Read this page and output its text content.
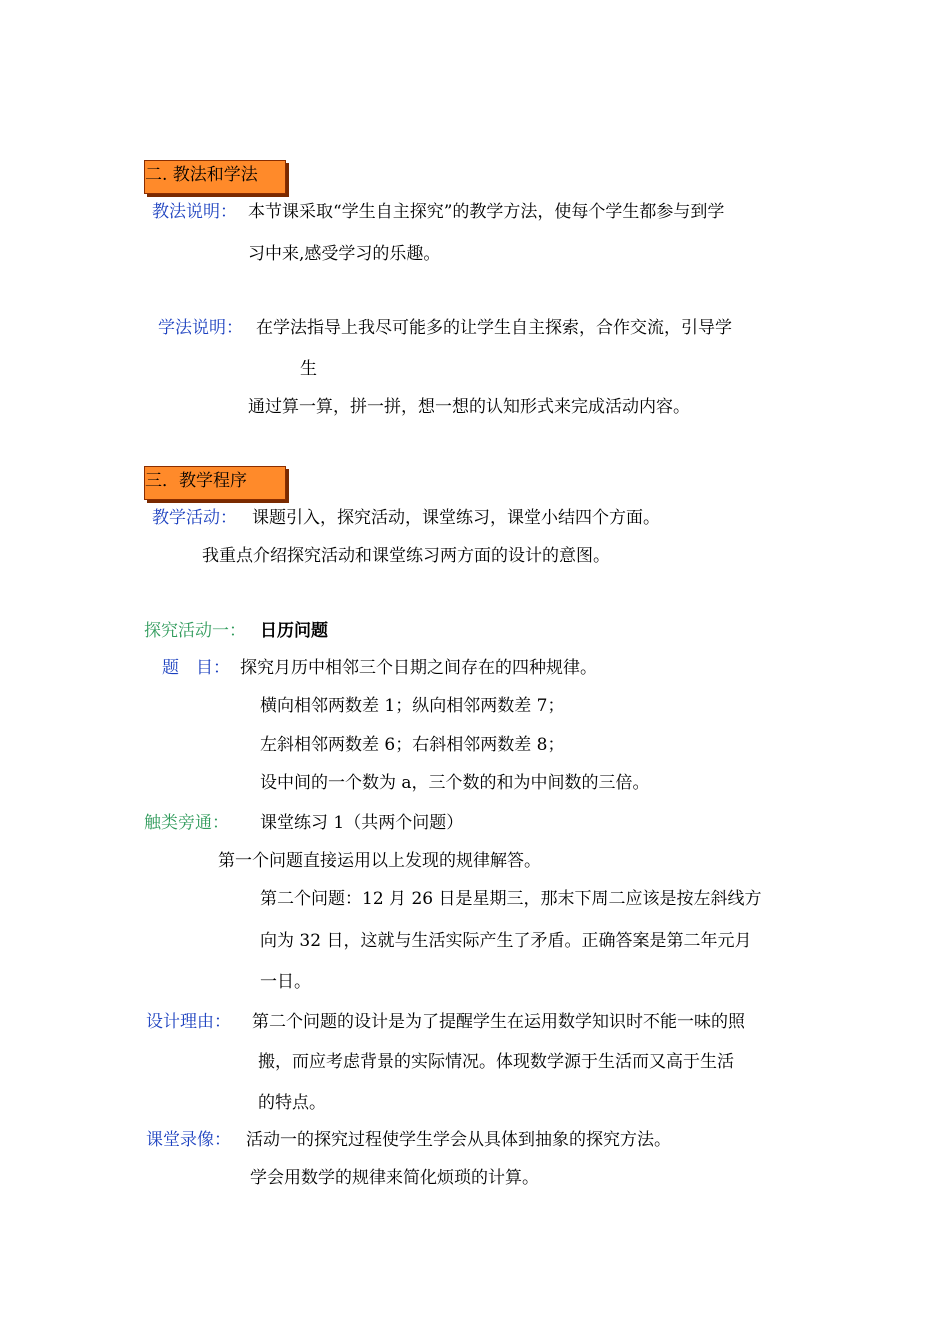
二. 教法和学法
教法说明： 本节课采取“学生自主探究”的教学方法，使每个学生都参与到学
习中来,感受学习的乐趣。
学法说明： 在学法指导上我尽可能多的让学生自主探索，合作交流，引导学
生
通过算一算，拼一拼，想一想的认知形式来完成活动内容。
三．教学程序
教学活动： 课题引入，探究活动，课堂练习，课堂小结四个方面。
我重点介绍探究活动和课堂练习两方面的设计的意图。
探究活动一： 日历问题
题　目： 探究月历中相邻三个日期之间存在的四种规律。
横向相邻两数差 1；纵向相邻两数差 7；
左斜相邻两数差 6；右斜相邻两数差 8；
设中间的一个数为 a，三个数的和为中间数的三倍。
触类旁通： 课堂练习 1（共两个问题）
第一个问题直接运用以上发现的规律解答。
第二个问题：12 月 26 日是星期三，那末下周二应该是按左斜线方
向为 32 日，这就与生活实际产生了矛盾。正确答案是第二年元月
一日。
设计理由： 第二个问题的设计是为了提醒学生在运用数学知识时不能一味的照
搬，而应考虑背景的实际情况。体现数学源于生活而又高于生活
的特点。
课堂录像： 活动一的探究过程使学生学会从具体到抽象的探究方法。
学会用数学的规律来简化烦琐的计算。
